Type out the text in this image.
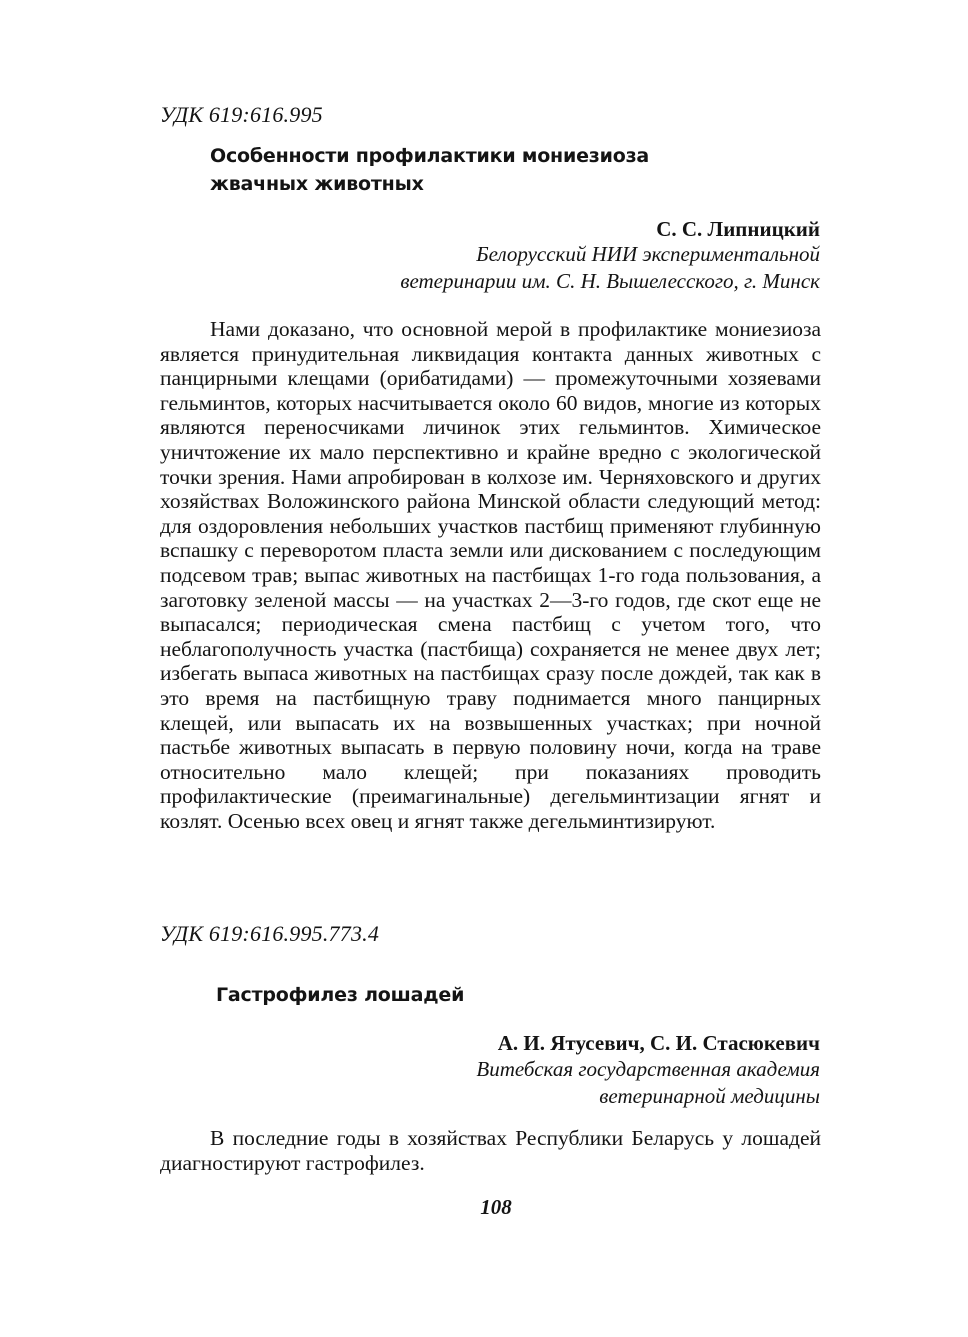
УДК 619:616.995
Особенности профилактики мониезиоза
жвачных животных
С. С. Липницкий
Белорусский НИИ экспериментальной
ветеринарии им. С. Н. Вышелесского, г. Минск

Нами доказано, что основной мерой в профилактике мониезиоза является принудительная ликвидация контакта данных животных с панцирными клещами (орибатидами) — промежуточными хозяевами гельминтов, которых насчитывается около 60 видов, многие из которых являются переносчиками личинок этих гельминтов. Химическое уничтожение их мало перспективно и крайне вредно с экологической точки зрения. Нами апробирован в колхозе им. Черняховского и других хозяйствах Воложинского района Минской области следующий метод: для оздоровления небольших участков пастбищ применяют глубинную вспашку с переворотом пласта земли или дискованием с последующим подсевом трав; выпас животных на пастбищах 1-го года пользования, а заготовку зеленой массы — на участках 2—3-го годов, где скот еще не выпасался; периодическая смена пастбищ с учетом того, что неблагополучность участка (пастбища) сохраняется не менее двух лет; избегать выпаса животных на пастбищах сразу после дождей, так как в это время на пастбищную траву поднимается много панцирных клещей, или выпасать их на возвышенных участках; при ночной пастьбе животных выпасать в первую половину ночи, когда на траве относительно мало клещей; при показаниях проводить профилактические (преимагинальные) дегельминтизации ягнят и козлят. Осенью всех овец и ягнят также дегельминтизируют.

УДК 619:616.995.773.4
Гастрофилез лошадей
А. И. Ятусевич, С. И. Стасюкевич
Витебская государственная академия
ветеринарной медицины

В последние годы в хозяйствах Республики Беларусь у лошадей диагностируют гастрофилез.

108
